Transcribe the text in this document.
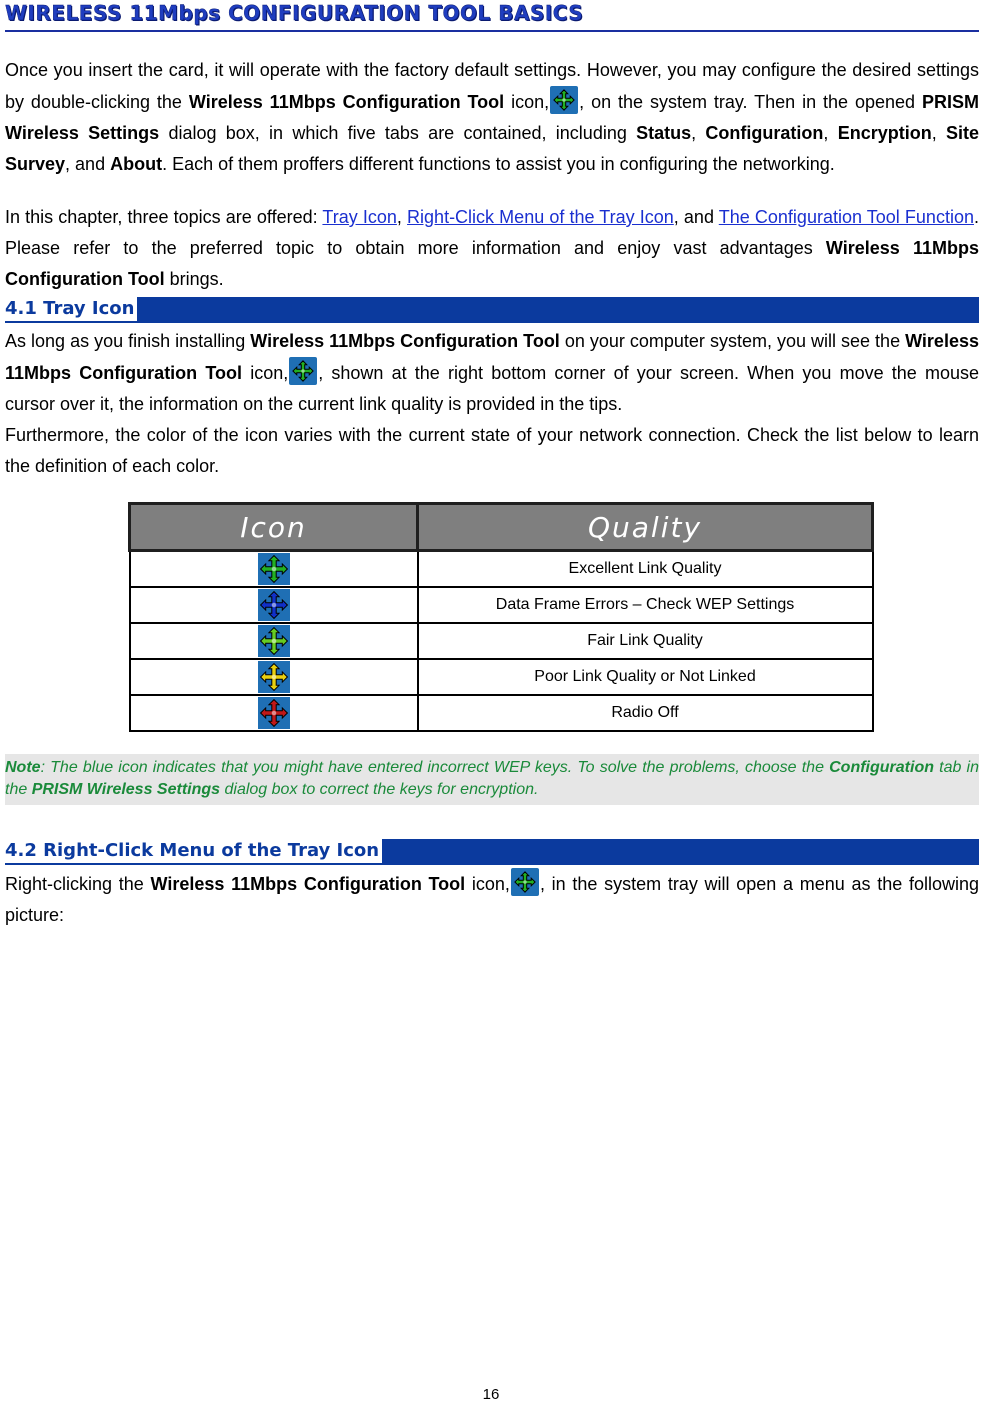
WIRELESS 11Mbps CONFIGURATION TOOL BASICS

Once you insert the card, it will operate with the factory default settings. However, you may configure the desired settings by double-clicking the Wireless 11Mbps Configuration Tool icon, , on the system tray. Then in the opened PRISM Wireless Settings dialog box, in which five tabs are contained, including Status, Configuration, Encryption, Site Survey, and About. Each of them proffers different functions to assist you in configuring the networking.

In this chapter, three topics are offered: Tray Icon, Right-Click Menu of the Tray Icon, and The Configuration Tool Function. Please refer to the preferred topic to obtain more information and enjoy vast advantages Wireless 11Mbps Configuration Tool brings.

4.1 Tray Icon

As long as you finish installing Wireless 11Mbps Configuration Tool on your computer system, you will see the Wireless 11Mbps Configuration Tool icon, , shown at the right bottom corner of your screen. When you move the mouse cursor over it, the information on the current link quality is provided in the tips.

Furthermore, the color of the icon varies with the current state of your network connection. Check the list below to learn the definition of each color.

Icon	Quality
	Excellent Link Quality
	Data Frame Errors – Check WEP Settings
	Fair Link Quality
	Poor Link Quality or Not Linked
	Radio Off
Note: The blue icon indicates that you might have entered incorrect WEP keys. To solve the problems, choose the Configuration tab in the PRISM Wireless Settings dialog box to correct the keys for encryption.
4.2 Right-Click Menu of the Tray Icon

Right-clicking the Wireless 11Mbps Configuration Tool icon, , in the system tray will open a menu as the following picture:

16
